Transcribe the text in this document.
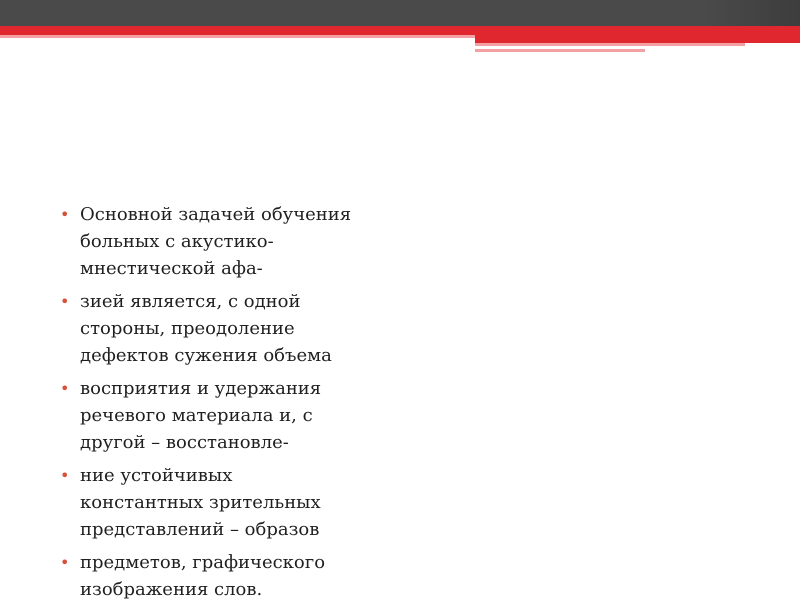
• Основной задачей обучения
больных с акустико-
мнестической афа-
• зией является, с одной
стороны, преодоление
дефектов сужения объема
• восприятия и удержания
речевого материала и, с
другой – восстановле-
• ние устойчивых
константных зрительных
представлений – образов
• предметов, графического
изображения слов.
